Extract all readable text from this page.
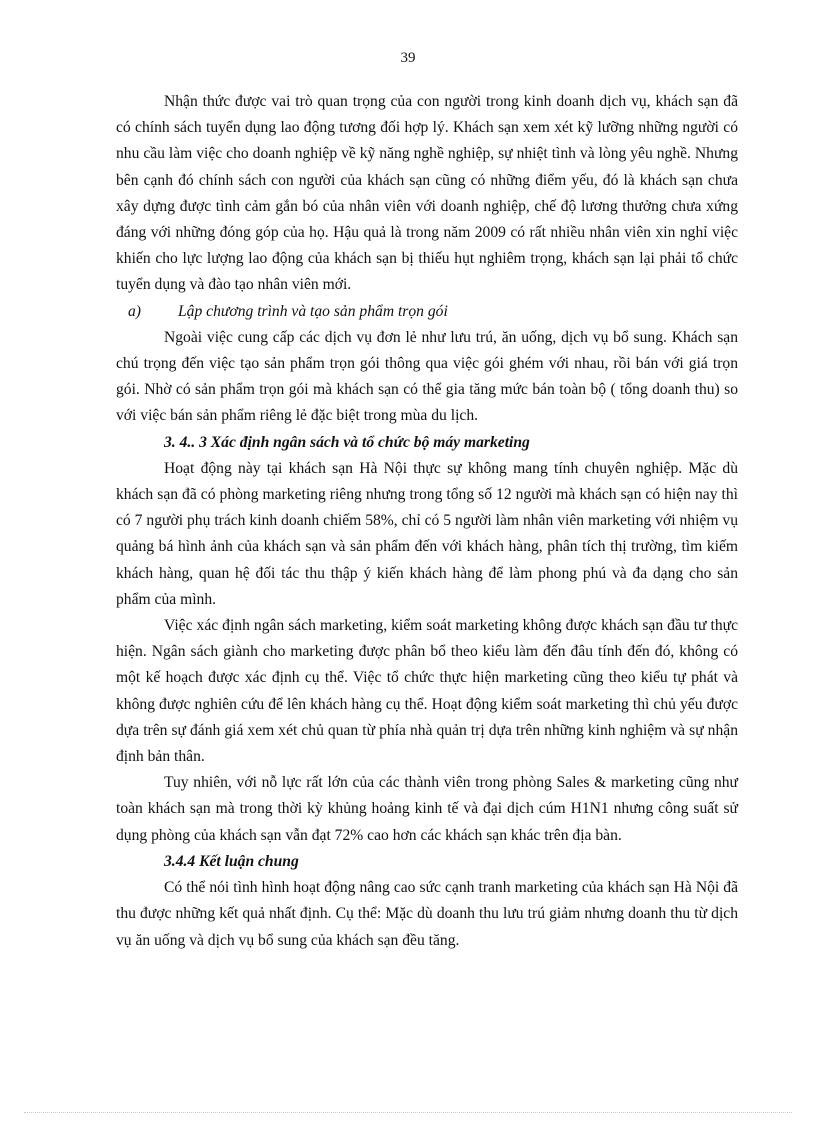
39

Nhận thức được vai trò quan trọng của con người trong kinh doanh dịch vụ, khách sạn đã có chính sách tuyển dụng lao động tương đối hợp lý. Khách sạn xem xét kỹ lưỡng những người có nhu cầu làm việc cho doanh nghiệp về kỹ năng nghề nghiệp, sự nhiệt tình và lòng yêu nghề. Nhưng bên cạnh đó chính sách con người của khách sạn cũng có những điểm yếu, đó là khách sạn chưa xây dựng được tình cảm gắn bó của nhân viên với doanh nghiệp, chế độ lương thưởng chưa xứng đáng với những đóng góp của họ. Hậu quả là trong năm 2009 có rất nhiều nhân viên xin nghỉ việc khiến cho lực lượng lao động của khách sạn bị thiếu hụt nghiêm trọng, khách sạn lại phải tổ chức tuyển dụng và đào tạo nhân viên mới.

a) Lập chương trình và tạo sản phẩm trọn gói

Ngoài việc cung cấp các dịch vụ đơn lẻ như lưu trú, ăn uống, dịch vụ bổ sung. Khách sạn chú trọng đến việc tạo sản phẩm trọn gói thông qua việc gói ghém với nhau, rồi bán với giá trọn gói. Nhờ có sản phẩm trọn gói mà khách sạn có thể gia tăng mức bán toàn bộ ( tổng doanh thu) so với việc bán sản phẩm riêng lẻ đặc biệt trong mùa du lịch.

3. 4.. 3 Xác định ngân sách và tổ chức bộ máy marketing

Hoạt động này tại khách sạn Hà Nội thực sự không mang tính chuyên nghiệp. Mặc dù khách sạn đã có phòng marketing riêng nhưng trong tổng số 12 người mà khách sạn có hiện nay thì có 7 người phụ trách kinh doanh chiếm 58%, chỉ có 5 người làm nhân viên marketing với nhiệm vụ quảng bá hình ảnh của khách sạn và sản phẩm đến với khách hàng, phân tích thị trường, tìm kiếm khách hàng, quan hệ đối tác thu thập ý kiến khách hàng để làm phong phú và đa dạng cho sản phẩm của mình.

Việc xác định ngân sách marketing, kiểm soát marketing không được khách sạn đầu tư thực hiện. Ngân sách giành cho marketing được phân bổ theo kiểu làm đến đâu tính đến đó, không có một kế hoạch được xác định cụ thể. Việc tổ chức thực hiện marketing cũng theo kiểu tự phát và không được nghiên cứu để lên khách hàng cụ thể. Hoạt động kiểm soát marketing thì chủ yếu được dựa trên sự đánh giá xem xét chủ quan từ phía nhà quản trị dựa trên những kinh nghiệm và sự nhận định bản thân.

Tuy nhiên, với nỗ lực rất lớn của các thành viên trong phòng Sales & marketing cũng như toàn khách sạn mà trong thời kỳ khủng hoảng kinh tế và đại dịch cúm H1N1 nhưng công suất sử dụng phòng của khách sạn vẫn đạt 72% cao hơn các khách sạn khác trên địa bàn.

3.4.4 Kết luận chung

Có thể nói tình hình hoạt động nâng cao sức cạnh tranh marketing của khách sạn Hà Nội đã thu được những kết quả nhất định. Cụ thể: Mặc dù doanh thu lưu trú giảm nhưng doanh thu từ dịch vụ ăn uống và dịch vụ bổ sung của khách sạn đều tăng.
